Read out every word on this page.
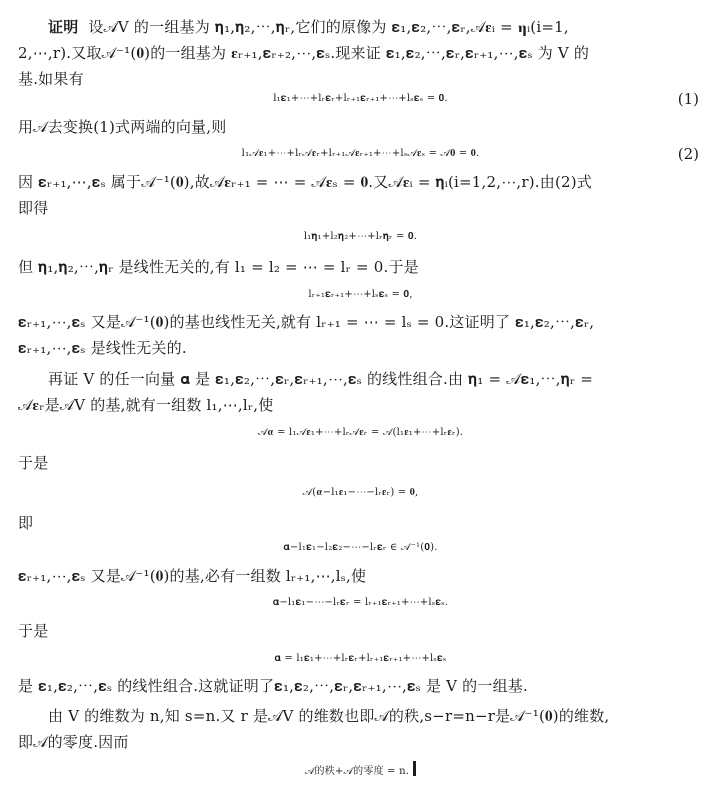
证明 设𝒜V 的一组基为 𝛈₁,𝛈₂,⋯,𝛈ᵣ,它们的原像为 𝛆₁,𝛆₂,⋯,𝛆ᵣ,𝒜𝛆ᵢ = 𝛈ᵢ(i=1,
2,⋯,r).又取𝒜⁻¹(𝟎)的一组基为 𝛆ᵣ₊₁,𝛆ᵣ₊₂,⋯,𝛆ₛ.现来证 𝛆₁,𝛆₂,⋯,𝛆ᵣ,𝛆ᵣ₊₁,⋯,𝛆ₛ 为 V 的
基.如果有
l₁𝛆₁+⋯+lᵣ𝛆ᵣ+lᵣ₊₁𝛆ᵣ₊₁+⋯+lₛ𝛆ₛ = 𝟎.	(1)
用𝒜去变换(1)式两端的向量,则
l₁𝒜𝛆₁+⋯+lᵣ𝒜𝛆ᵣ+lᵣ₊₁𝒜𝛆ᵣ₊₁+⋯+lₛ𝒜𝛆ₛ = 𝒜𝟎 = 𝟎.	(2)
因 𝛆ᵣ₊₁,⋯,𝛆ₛ 属于𝒜⁻¹(𝟎),故𝒜𝛆ᵣ₊₁ = ⋯ = 𝒜𝛆ₛ = 𝟎.又𝒜𝛆ᵢ = 𝛈ᵢ(i=1,2,⋯,r).由(2)式
即得
l₁𝛈₁+l₂𝛈₂+⋯+lᵣ𝛈ᵣ = 𝟎.
但 𝛈₁,𝛈₂,⋯,𝛈ᵣ 是线性无关的,有 l₁ = l₂ = ⋯ = lᵣ = 0.于是
lᵣ₊₁𝛆ᵣ₊₁+⋯+lₛ𝛆ₛ = 𝟎,
𝛆ᵣ₊₁,⋯,𝛆ₛ 又是𝒜⁻¹(𝟎)的基也线性无关,就有 lᵣ₊₁ = ⋯ = lₛ = 0.这证明了 𝛆₁,𝛆₂,⋯,𝛆ᵣ,
𝛆ᵣ₊₁,⋯,𝛆ₛ 是线性无关的.
再证 V 的任一向量 𝛂 是 𝛆₁,𝛆₂,⋯,𝛆ᵣ,𝛆ᵣ₊₁,⋯,𝛆ₛ 的线性组合.由 𝛈₁ = 𝒜𝛆₁,⋯,𝛈ᵣ =
𝒜𝛆ᵣ是𝒜V 的基,就有一组数 l₁,⋯,lᵣ,使
𝒜𝛂 = l₁𝒜𝛆₁+⋯+lᵣ𝒜𝛆ᵣ = 𝒜(l₁𝛆₁+⋯+lᵣ𝛆ᵣ).
于是
𝒜(𝛂−l₁𝛆₁−⋯−lᵣ𝛆ᵣ) = 𝟎,
即
𝛂−l₁𝛆₁−l₂𝛆₂−⋯−lᵣ𝛆ᵣ ∈ 𝒜⁻¹(𝟎).
𝛆ᵣ₊₁,⋯,𝛆ₛ 又是𝒜⁻¹(𝟎)的基,必有一组数 lᵣ₊₁,⋯,lₛ,使
𝛂−l₁𝛆₁−⋯−lᵣ𝛆ᵣ = lᵣ₊₁𝛆ᵣ₊₁+⋯+lₛ𝛆ₛ.
于是
𝛂 = l₁𝛆₁+⋯+lᵣ𝛆ᵣ+lᵣ₊₁𝛆ᵣ₊₁+⋯+lₛ𝛆ₛ
是 𝛆₁,𝛆₂,⋯,𝛆ₛ 的线性组合.这就证明了𝛆₁,𝛆₂,⋯,𝛆ᵣ,𝛆ᵣ₊₁,⋯,𝛆ₛ 是 V 的一组基.
由 V 的维数为 n,知 s=n.又 r 是𝒜V 的维数也即𝒜的秩,s−r=n−r是𝒜⁻¹(𝟎)的维数,
即𝒜的零度.因而
𝒜的秩+𝒜的零度 = n.
